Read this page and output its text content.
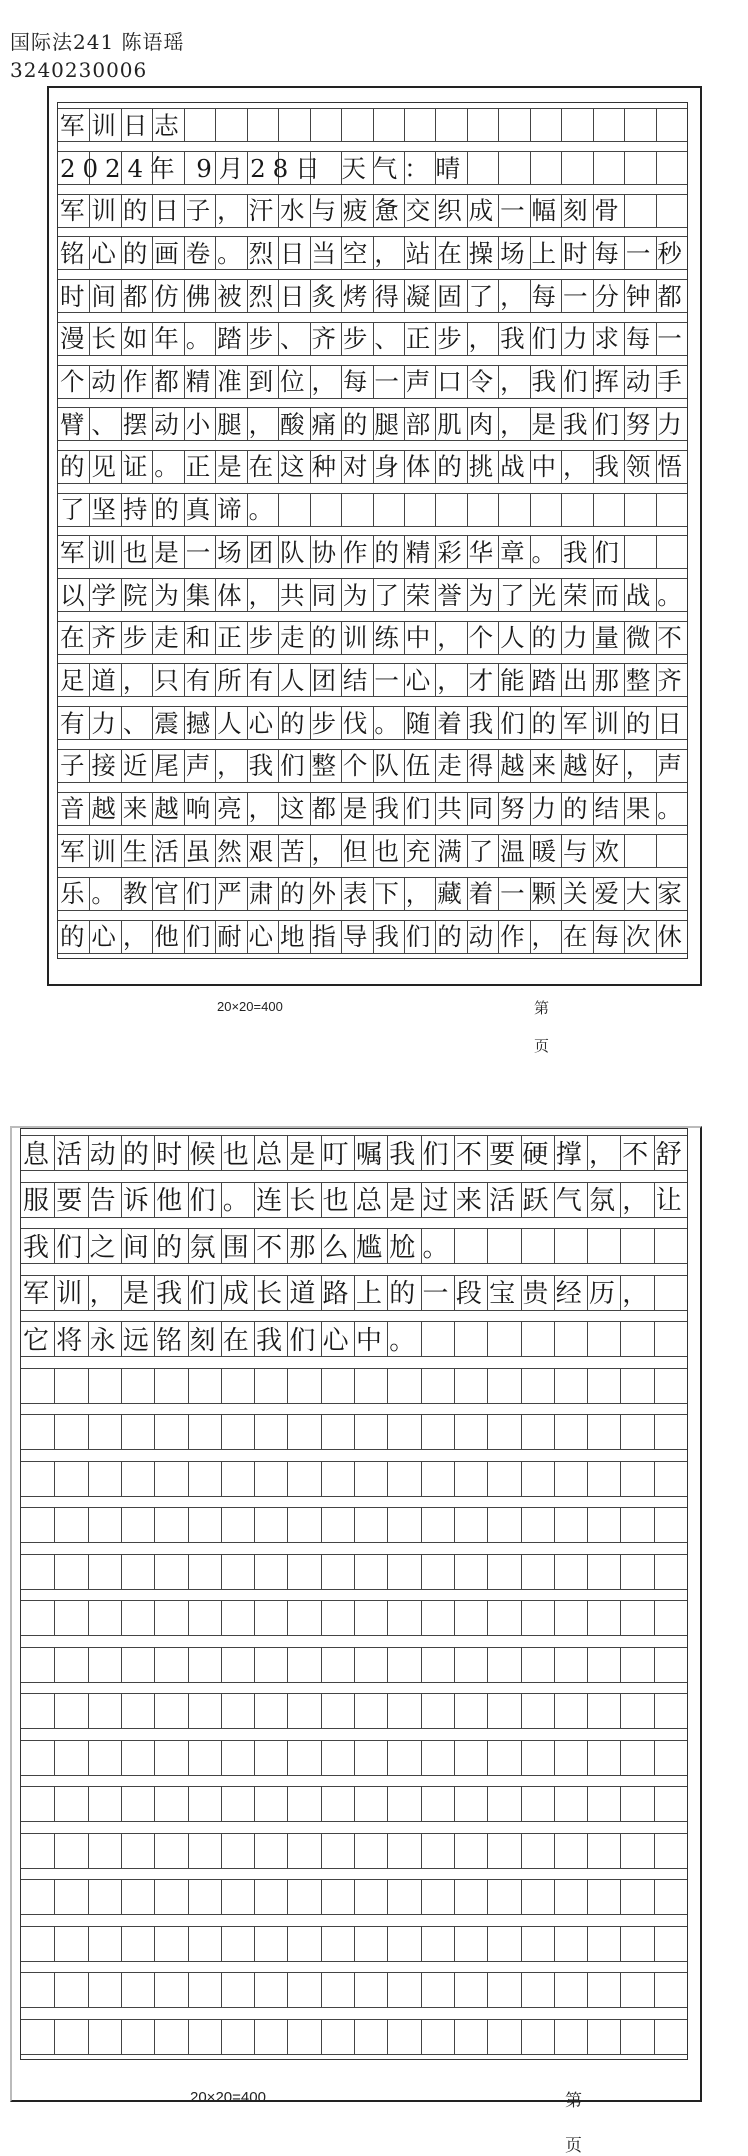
国际法241 陈语瑶
3240230006
军训日志
2024年 9月28日 天气：晴
军训的日子，汗水与疲惫交织成一幅刻骨
铭心的画卷。烈日当空，站在操场上时每一秒
时间都仿佛被烈日炙烤得凝固了，每一分钟都
漫长如年。踏步、齐步、正步，我们力求每一
个动作都精准到位，每一声口令，我们挥动手
臂、摆动小腿，酸痛的腿部肌肉，是我们努力
的见证。正是在这种对身体的挑战中，我领悟
了坚持的真谛。
军训也是一场团队协作的精彩华章。我们
以学院为集体，共同为了荣誉为了光荣而战。
在齐步走和正步走的训练中，个人的力量微不
足道，只有所有人团结一心，才能踏出那整齐
有力、震撼人心的步伐。随着我们的军训的日
子接近尾声，我们整个队伍走得越来越好，声
音越来越响亮，这都是我们共同努力的结果。
军训生活虽然艰苦，但也充满了温暖与欢
乐。教官们严肃的外表下，藏着一颗关爱大家
的心，他们耐心地指导我们的动作，在每次休
20×20=400	第  页
息活动的时候也总是叮嘱我们不要硬撑，不舒
服要告诉他们。连长也总是过来活跃气氛，让
我们之间的氛围不那么尴尬。
军训，是我们成长道路上的一段宝贵经历，
它将永远铭刻在我们心中。
20×20=400	第  页
